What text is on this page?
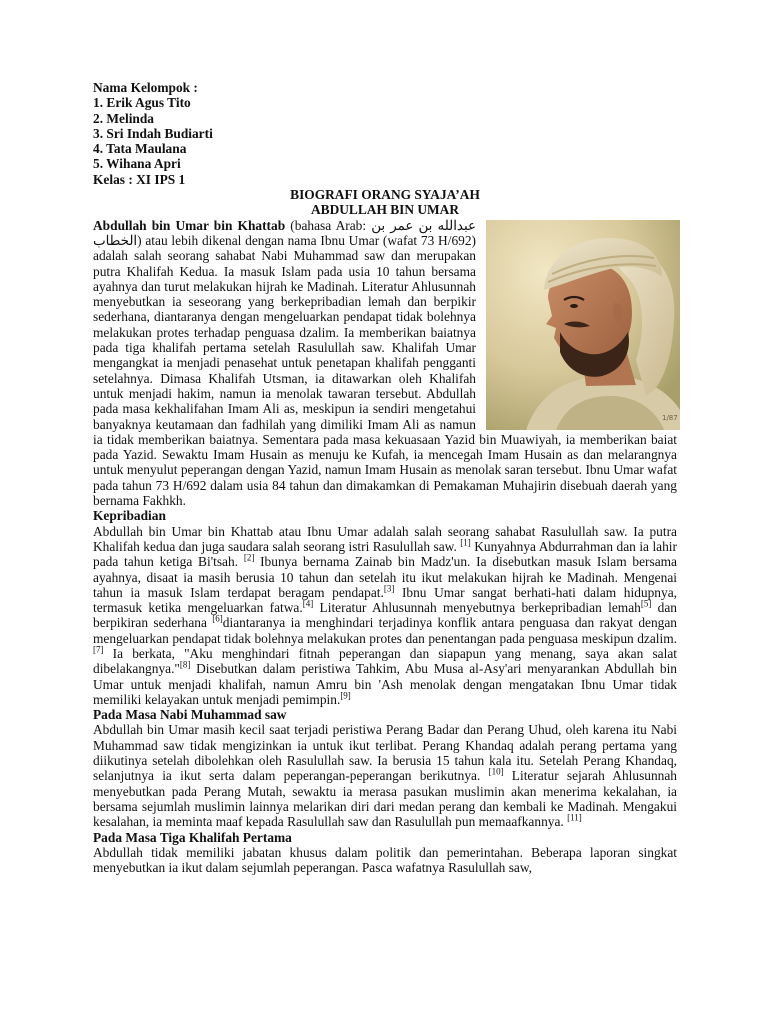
Nama Kelompok :
1. Erik Agus Tito
2. Melinda
3. Sri Indah Budiarti
4. Tata Maulana
5. Wihana Apri
Kelas : XI IPS 1
BIOGRAFI ORANG SYAJA’AH
ABDULLAH BIN UMAR
1/87

Abdullah bin Umar bin Khattab (bahasa Arab: عبدالله بن عمر بن الخطاب) atau lebih dikenal dengan nama Ibnu Umar (wafat 73 H/692) adalah salah seorang sahabat Nabi Muhammad saw dan merupakan putra Khalifah Kedua. Ia masuk Islam pada usia 10 tahun bersama ayahnya dan turut melakukan hijrah ke Madinah. Literatur Ahlusunnah menyebutkan ia seseorang yang berkepribadian lemah dan berpikir sederhana, diantaranya dengan mengeluarkan pendapat tidak bolehnya melakukan protes terhadap penguasa dzalim. Ia memberikan baiatnya pada tiga khalifah pertama setelah Rasulullah saw. Khalifah Umar mengangkat ia menjadi penasehat untuk penetapan khalifah pengganti setelahnya. Dimasa Khalifah Utsman, ia ditawarkan oleh Khalifah untuk menjadi hakim, namun ia menolak tawaran tersebut. Abdullah pada masa kekhalifahan Imam Ali as, meskipun ia sendiri mengetahui banyaknya keutamaan dan fadhilah yang dimiliki Imam Ali as namun ia tidak memberikan baiatnya. Sementara pada masa kekuasaan Yazid bin Muawiyah, ia memberikan baiat pada Yazid. Sewaktu Imam Husain as menuju ke Kufah, ia mencegah Imam Husain as dan melarangnya untuk menyulut peperangan dengan Yazid, namun Imam Husain as menolak saran tersebut. Ibnu Umar wafat pada tahun 73 H/692 dalam usia 84 tahun dan dimakamkan di Pemakaman Muhajirin disebuah daerah yang bernama Fakhkh.

Kepribadian

Abdullah bin Umar bin Khattab atau Ibnu Umar adalah salah seorang sahabat Rasulullah saw. Ia putra Khalifah kedua dan juga saudara salah seorang istri Rasulullah saw. [1] Kunyahnya Abdurrahman dan ia lahir pada tahun ketiga Bi'tsah. [2] Ibunya bernama Zainab bin Madz'un. Ia disebutkan masuk Islam bersama ayahnya, disaat ia masih berusia 10 tahun dan setelah itu ikut melakukan hijrah ke Madinah. Mengenai tahun ia masuk Islam terdapat beragam pendapat.[3] Ibnu Umar sangat berhati-hati dalam hidupnya, termasuk ketika mengeluarkan fatwa.[4] Literatur Ahlusunnah menyebutnya berkepribadian lemah[5] dan berpikiran sederhana [6]diantaranya ia menghindari terjadinya konflik antara penguasa dan rakyat dengan mengeluarkan pendapat tidak bolehnya melakukan protes dan penentangan pada penguasa meskipun dzalim.[7] Ia berkata, "Aku menghindari fitnah peperangan dan siapapun yang menang, saya akan salat dibelakangnya."[8] Disebutkan dalam peristiwa Tahkim, Abu Musa al-Asy'ari menyarankan Abdullah bin Umar untuk menjadi khalifah, namun Amru bin 'Ash menolak dengan mengatakan Ibnu Umar tidak memiliki kelayakan untuk menjadi pemimpin.[9]

Pada Masa Nabi Muhammad saw

Abdullah bin Umar masih kecil saat terjadi peristiwa Perang Badar dan Perang Uhud, oleh karena itu Nabi Muhammad saw tidak mengizinkan ia untuk ikut terlibat. Perang Khandaq adalah perang pertama yang diikutinya setelah dibolehkan oleh Rasulullah saw. Ia berusia 15 tahun kala itu. Setelah Perang Khandaq, selanjutnya ia ikut serta dalam peperangan-peperangan berikutnya. [10] Literatur sejarah Ahlusunnah menyebutkan pada Perang Mutah, sewaktu ia merasa pasukan muslimin akan menerima kekalahan, ia bersama sejumlah muslimin lainnya melarikan diri dari medan perang dan kembali ke Madinah. Mengakui kesalahan, ia meminta maaf kepada Rasulullah saw dan Rasulullah pun memaafkannya. [11]

Pada Masa Tiga Khalifah Pertama

Abdullah tidak memiliki jabatan khusus dalam politik dan pemerintahan. Beberapa laporan singkat menyebutkan ia ikut dalam sejumlah peperangan. Pasca wafatnya Rasulullah saw,
